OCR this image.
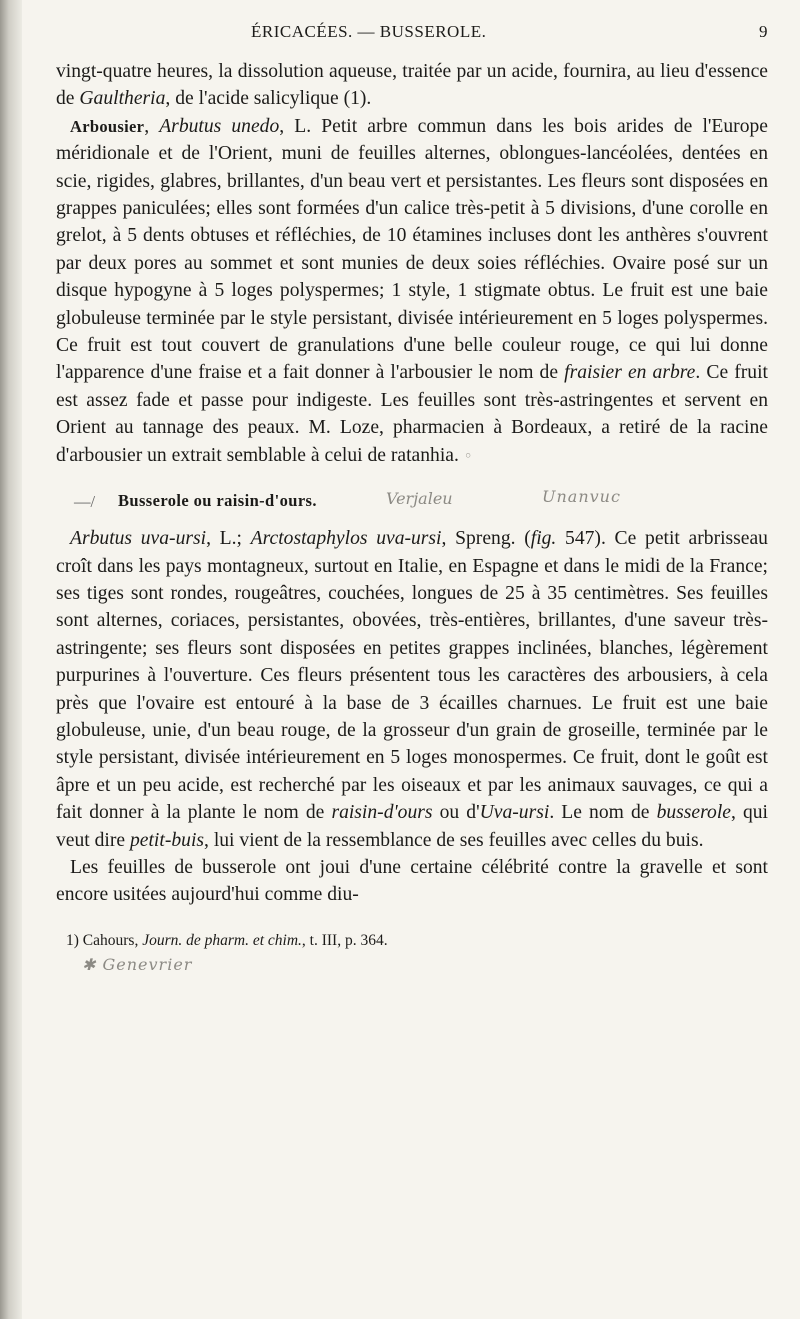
ÉRICACÉES. — BUSSEROLE.	9

vingt-quatre heures, la dissolution aqueuse, traitée par un acide, fournira, au lieu d'essence de Gaultheria, de l'acide salicylique (1).

Arbousier, Arbutus unedo, L. Petit arbre commun dans les bois arides de l'Europe méridionale et de l'Orient, muni de feuilles alternes, oblongues-lancéolées, dentées en scie, rigides, glabres, brillantes, d'un beau vert et persistantes. Les fleurs sont disposées en grappes paniculées; elles sont formées d'un calice très-petit à 5 divisions, d'une corolle en grelot, à 5 dents obtuses et réfléchies, de 10 étamines incluses dont les anthères s'ouvrent par deux pores au sommet et sont munies de deux soies réfléchies. Ovaire posé sur un disque hypogyne à 5 loges polyspermes; 1 style, 1 stigmate obtus. Le fruit est une baie globuleuse terminée par le style persistant, divisée intérieurement en 5 loges polyspermes. Ce fruit est tout couvert de granulations d'une belle couleur rouge, ce qui lui donne l'apparence d'une fraise et a fait donner à l'arbousier le nom de fraisier en arbre. Ce fruit est assez fade et passe pour indigeste. Les feuilles sont très-astringentes et servent en Orient au tannage des peaux. M. Loze, pharmacien à Bordeaux, a retiré de la racine d'arbousier un extrait semblable à celui de ratanhia. ◦

—/ Busserole ou raisin-d'ours.	Verjaleu	Unanvuc

Arbutus uva-ursi, L.; Arctostaphylos uva-ursi, Spreng. (fig. 547). Ce petit arbrisseau croît dans les pays montagneux, surtout en Italie, en Espagne et dans le midi de la France; ses tiges sont rondes, rougeâtres, couchées, longues de 25 à 35 centimètres. Ses feuilles sont alternes, coriaces, persistantes, obovées, très-entières, brillantes, d'une saveur très-astringente; ses fleurs sont disposées en petites grappes inclinées, blanches, légèrement purpurines à l'ouverture. Ces fleurs présentent tous les caractères des arbousiers, à cela près que l'ovaire est entouré à la base de 3 écailles charnues. Le fruit est une baie globuleuse, unie, d'un beau rouge, de la grosseur d'un grain de groseille, terminée par le style persistant, divisée intérieurement en 5 loges monospermes. Ce fruit, dont le goût est âpre et un peu acide, est recherché par les oiseaux et par les animaux sauvages, ce qui a fait donner à la plante le nom de raisin-d'ours ou d'Uva-ursi. Le nom de busserole, qui veut dire petit-buis, lui vient de la ressemblance de ses feuilles avec celles du buis.

Les feuilles de busserole ont joui d'une certaine célébrité contre la gravelle et sont encore usitées aujourd'hui comme diu-

1) Cahours, Journ. de pharm. et chim., t. III, p. 364.
✱ Genevrier
